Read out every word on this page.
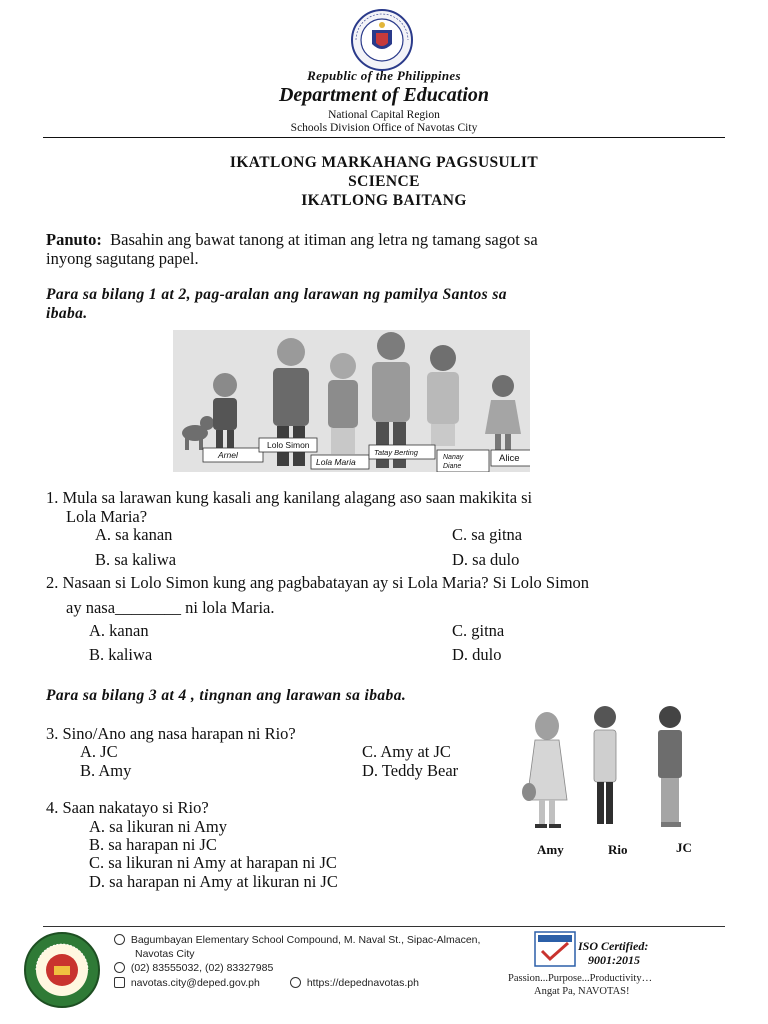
Republic of the Philippines
Department of Education
National Capital Region
Schools Division Office of Navotas City
IKATLONG MARKAHANG PAGSUSULIT
SCIENCE
IKATLONG BAITANG
Panuto: Basahin ang bawat tanong at itiman ang letra ng tamang sagot sa
inyong sagutang papel.
Para sa bilang 1 at 2, pag-aralan ang larawan ng pamilya Santos sa
ibaba.
Arnel
Lolo Simon
Lola Maria
Tatay Berting
Nanay
Diane
Alice
1. Mula sa larawan kung kasali ang kanilang alagang aso saan makikita si
Lola Maria?
A. sa kanan
B. sa kaliwa
C. sa gitna
D. sa dulo
2. Nasaan si Lolo Simon kung ang pagbabatayan ay si Lola Maria? Si Lolo Simon
ay nasa________ ni lola Maria.
A. kanan
B. kaliwa
C. gitna
D. dulo
Para sa bilang 3 at 4 , tingnan ang larawan sa ibaba.
3. Sino/Ano ang nasa harapan ni Rio?
A. JC
B. Amy
C. Amy at JC
D. Teddy Bear
4. Saan nakatayo si Rio?
A. sa likuran ni Amy
B. sa harapan ni JC
C. sa likuran ni Amy at harapan ni JC
D. sa harapan ni Amy at likuran ni JC
Amy	Rio	JC
Bagumbayan Elementary School Compound, M. Naval St., Sipac-Almacen,
Navotas City
(02) 83555032, (02) 83327985
navotas.city@deped.gov.ph	https://depednavotas.ph
ISO Certified:
9001:2015
Passion...Purpose...Productivity…
Angat Pa, NAVOTAS!
